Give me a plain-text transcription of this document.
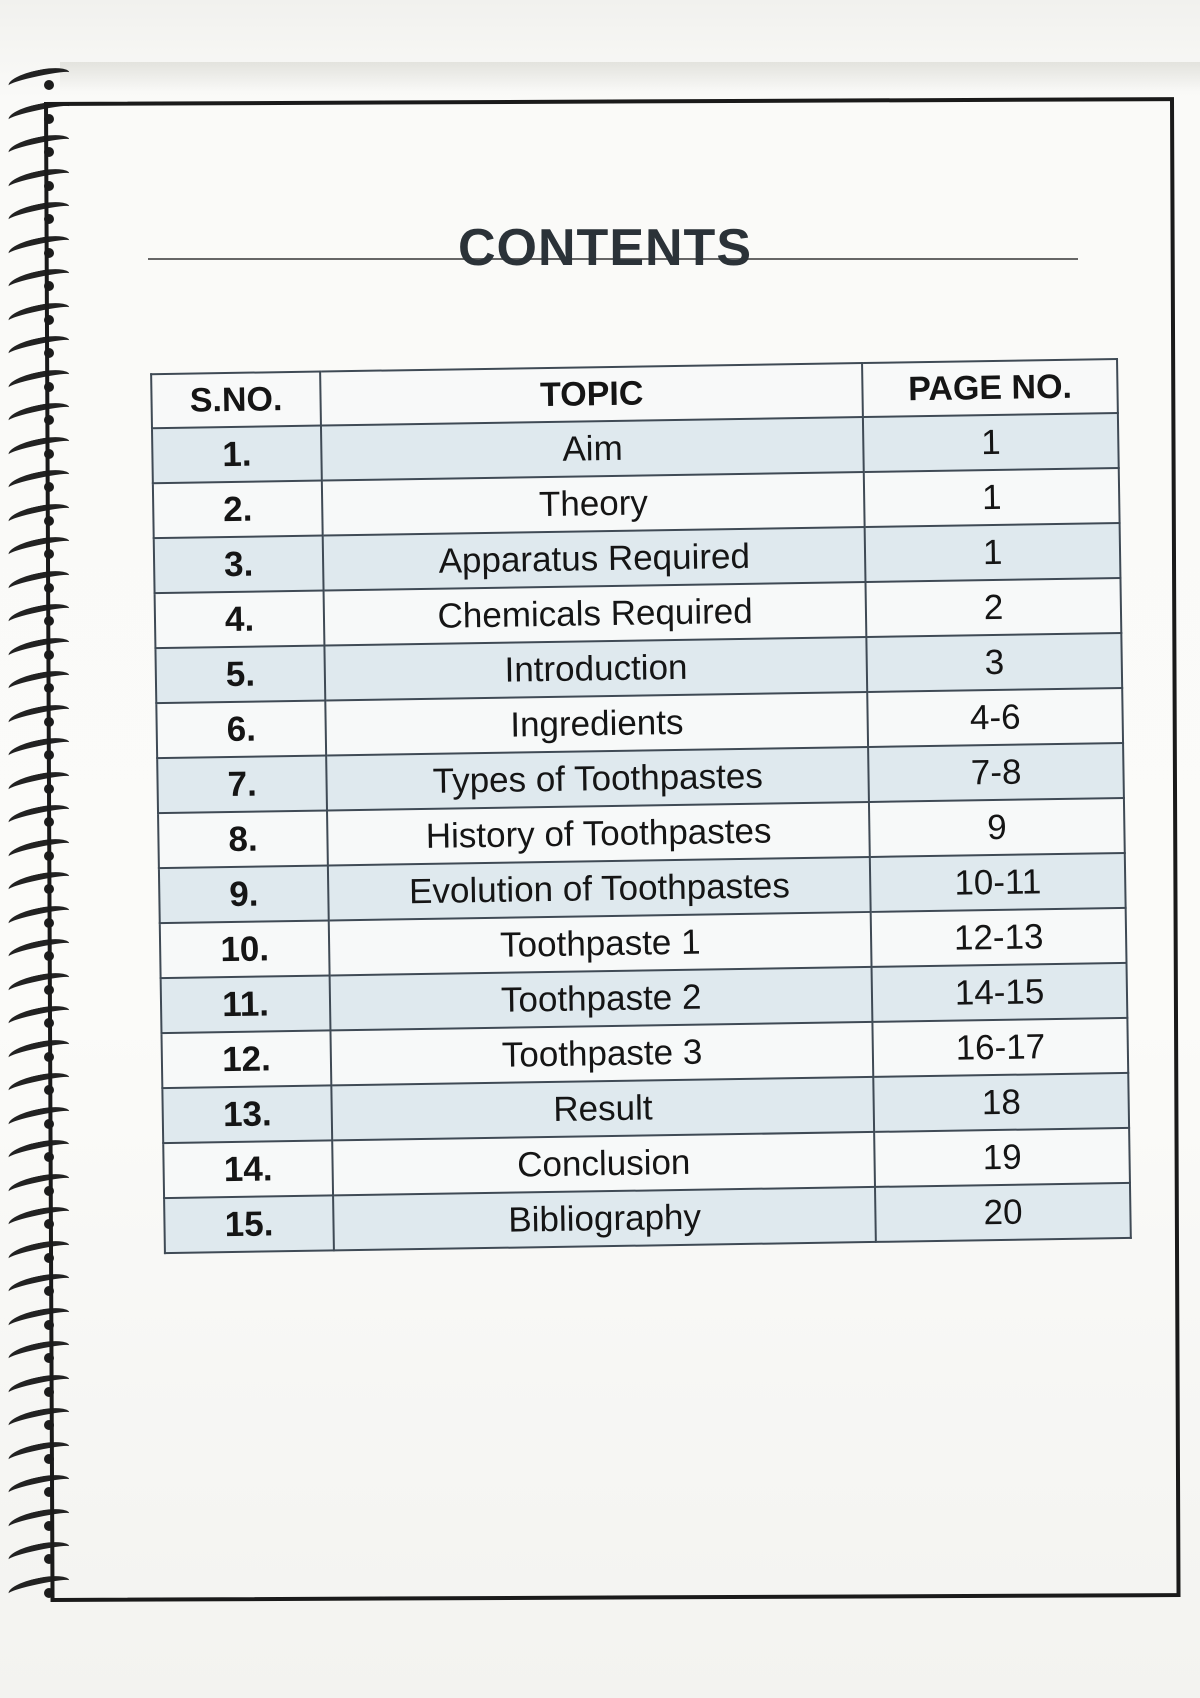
CONTENTS
S.NO.	TOPIC	PAGE NO.
1.	Aim	1
2.	Theory	1
3.	Apparatus Required	1
4.	Chemicals Required	2
5.	Introduction	3
6.	Ingredients	4-6
7.	Types of Toothpastes	7-8
8.	History of Toothpastes	9
9.	Evolution of Toothpastes	10-11
10.	Toothpaste 1	12-13
11.	Toothpaste 2	14-15
12.	Toothpaste 3	16-17
13.	Result	18
14.	Conclusion	19
15.	Bibliography	20
